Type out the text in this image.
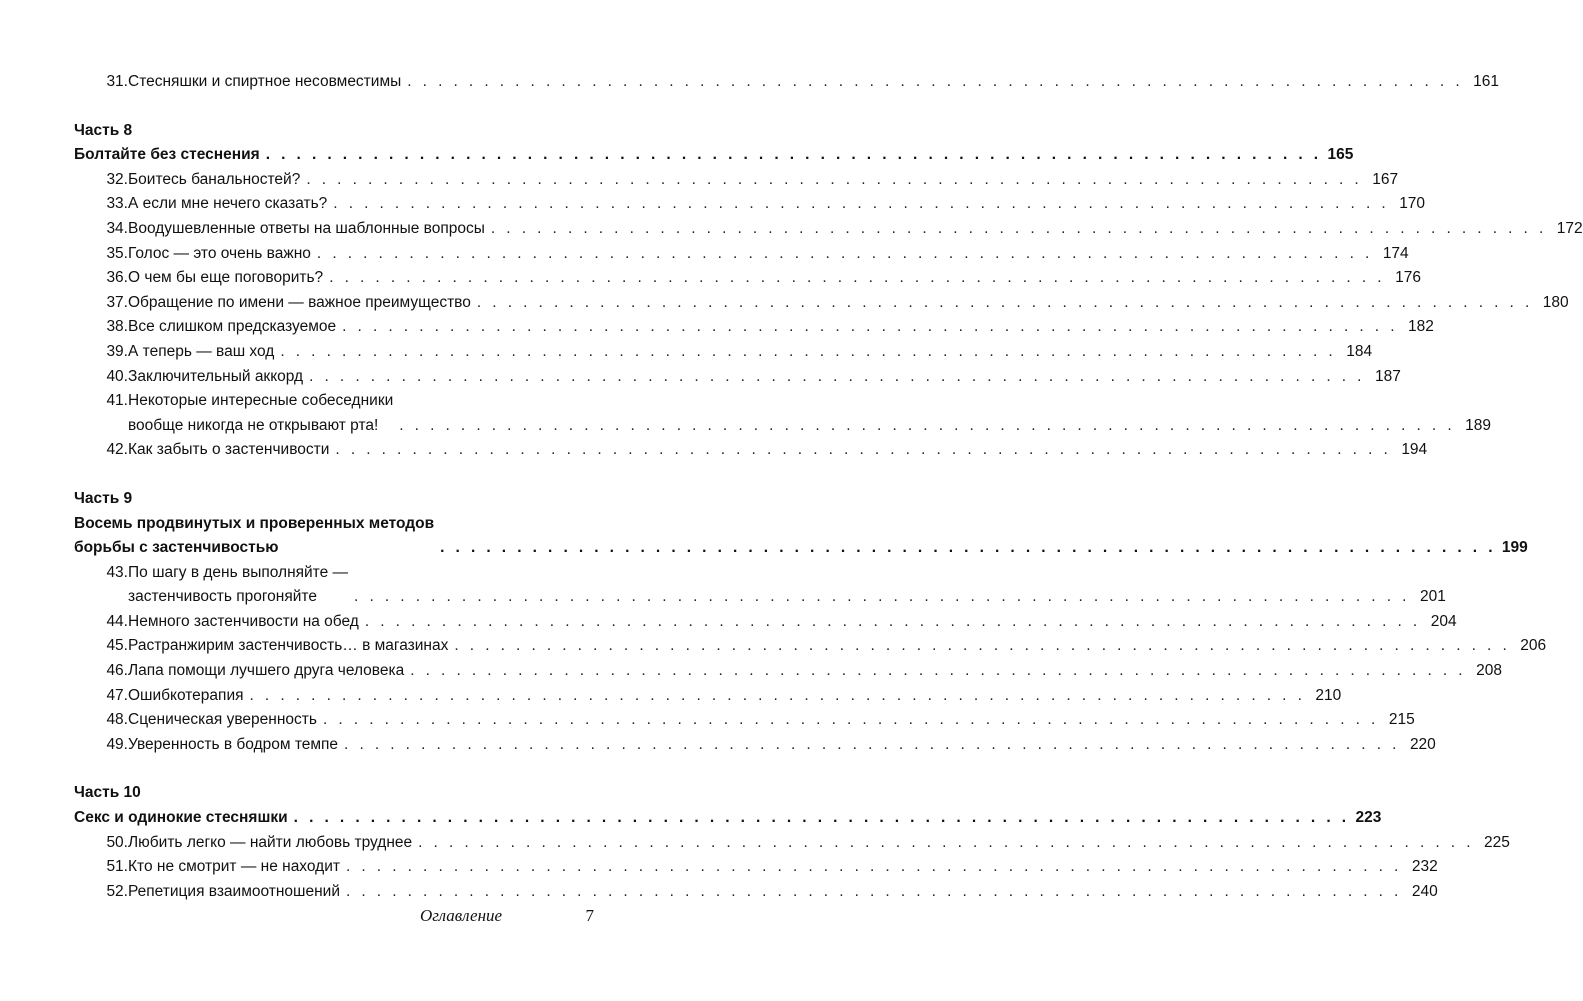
31. Стесняшки и спиртное несовместимы . . . . . . . . . . . . . . . . . . . . . . . . . . . . . . . . . . . . . . . . . . . . . . . . . . . . . . . . . . . . . . . . . . . . . 161
Часть 8
Болтайте без стеснения . . . . . . . . . . . . . . . . . . . . . . . . . . . . . . . . . . . . . . . . . . . . . . . . . . . . . . . . . . . . . . . . . . . . . 165
32. Боитесь банальностей? . . . . . . . . . . . . . . . . . . . . . . . . . . . . . . . . . . . . . . . . . . . . . . . . . . . . . . . . . . . . . . . . . . . . . 167
33. А если мне нечего сказать? . . . . . . . . . . . . . . . . . . . . . . . . . . . . . . . . . . . . . . . . . . . . . . . . . . . . . . . . . . . . . . . . . . . . . 170
34. Воодушевленные ответы на шаблонные вопросы . . . . . . . . . . . . . . . . . . . . . . . . . . . . . . . . . . . . . . . . . . . . . . . . . . . . . . . . . . . . . . . . . . . . . 172
35. Голос — это очень важно . . . . . . . . . . . . . . . . . . . . . . . . . . . . . . . . . . . . . . . . . . . . . . . . . . . . . . . . . . . . . . . . . . . . . 174
36. О чем бы еще поговорить? . . . . . . . . . . . . . . . . . . . . . . . . . . . . . . . . . . . . . . . . . . . . . . . . . . . . . . . . . . . . . . . . . . . . . 176
37. Обращение по имени — важное преимущество . . . . . . . . . . . . . . . . . . . . . . . . . . . . . . . . . . . . . . . . . . . . . . . . . . . . . . . . . . . . . . . . . . . . . 180
38. Все слишком предсказуемое . . . . . . . . . . . . . . . . . . . . . . . . . . . . . . . . . . . . . . . . . . . . . . . . . . . . . . . . . . . . . . . . . . . . . 182
39. А теперь — ваш ход . . . . . . . . . . . . . . . . . . . . . . . . . . . . . . . . . . . . . . . . . . . . . . . . . . . . . . . . . . . . . . . . . . . . . 184
40. Заключительный аккорд . . . . . . . . . . . . . . . . . . . . . . . . . . . . . . . . . . . . . . . . . . . . . . . . . . . . . . . . . . . . . . . . . . . . . 187
41. Некоторые интересные собеседники
вообще никогда не открывают рта!	. . . . . . . . . . . . . . . . . . . . . . . . . . . . . . . . . . . . . . . . . . . . . . . . . . . . . . . . . . . . . . . . . . . . . 189
42. Как забыть о застенчивости . . . . . . . . . . . . . . . . . . . . . . . . . . . . . . . . . . . . . . . . . . . . . . . . . . . . . . . . . . . . . . . . . . . . . 194
Часть 9
Восемь продвинутых и проверенных методов
борьбы с застенчивостью	. . . . . . . . . . . . . . . . . . . . . . . . . . . . . . . . . . . . . . . . . . . . . . . . . . . . . . . . . . . . . . . . . . . . . 199
43. По шагу в день выполняйте —
застенчивость прогоняйте	. . . . . . . . . . . . . . . . . . . . . . . . . . . . . . . . . . . . . . . . . . . . . . . . . . . . . . . . . . . . . . . . . . . . . 201
44. Немного застенчивости на обед . . . . . . . . . . . . . . . . . . . . . . . . . . . . . . . . . . . . . . . . . . . . . . . . . . . . . . . . . . . . . . . . . . . . . 204
45. Растранжирим застенчивость… в магазинах . . . . . . . . . . . . . . . . . . . . . . . . . . . . . . . . . . . . . . . . . . . . . . . . . . . . . . . . . . . . . . . . . . . . . 206
46. Лапа помощи лучшего друга человека . . . . . . . . . . . . . . . . . . . . . . . . . . . . . . . . . . . . . . . . . . . . . . . . . . . . . . . . . . . . . . . . . . . . . 208
47. Ошибкотерапия . . . . . . . . . . . . . . . . . . . . . . . . . . . . . . . . . . . . . . . . . . . . . . . . . . . . . . . . . . . . . . . . . . . . . 210
48. Сценическая уверенность . . . . . . . . . . . . . . . . . . . . . . . . . . . . . . . . . . . . . . . . . . . . . . . . . . . . . . . . . . . . . . . . . . . . . 215
49. Уверенность в бодром темпе . . . . . . . . . . . . . . . . . . . . . . . . . . . . . . . . . . . . . . . . . . . . . . . . . . . . . . . . . . . . . . . . . . . . . 220
Часть 10
Секс и одинокие стесняшки . . . . . . . . . . . . . . . . . . . . . . . . . . . . . . . . . . . . . . . . . . . . . . . . . . . . . . . . . . . . . . . . . . . . . 223
50. Любить легко — найти любовь труднее . . . . . . . . . . . . . . . . . . . . . . . . . . . . . . . . . . . . . . . . . . . . . . . . . . . . . . . . . . . . . . . . . . . . . 225
51. Кто не смотрит — не находит . . . . . . . . . . . . . . . . . . . . . . . . . . . . . . . . . . . . . . . . . . . . . . . . . . . . . . . . . . . . . . . . . . . . . 232
52. Репетиция взаимоотношений . . . . . . . . . . . . . . . . . . . . . . . . . . . . . . . . . . . . . . . . . . . . . . . . . . . . . . . . . . . . . . . . . . . . . 240
Оглавление	7
